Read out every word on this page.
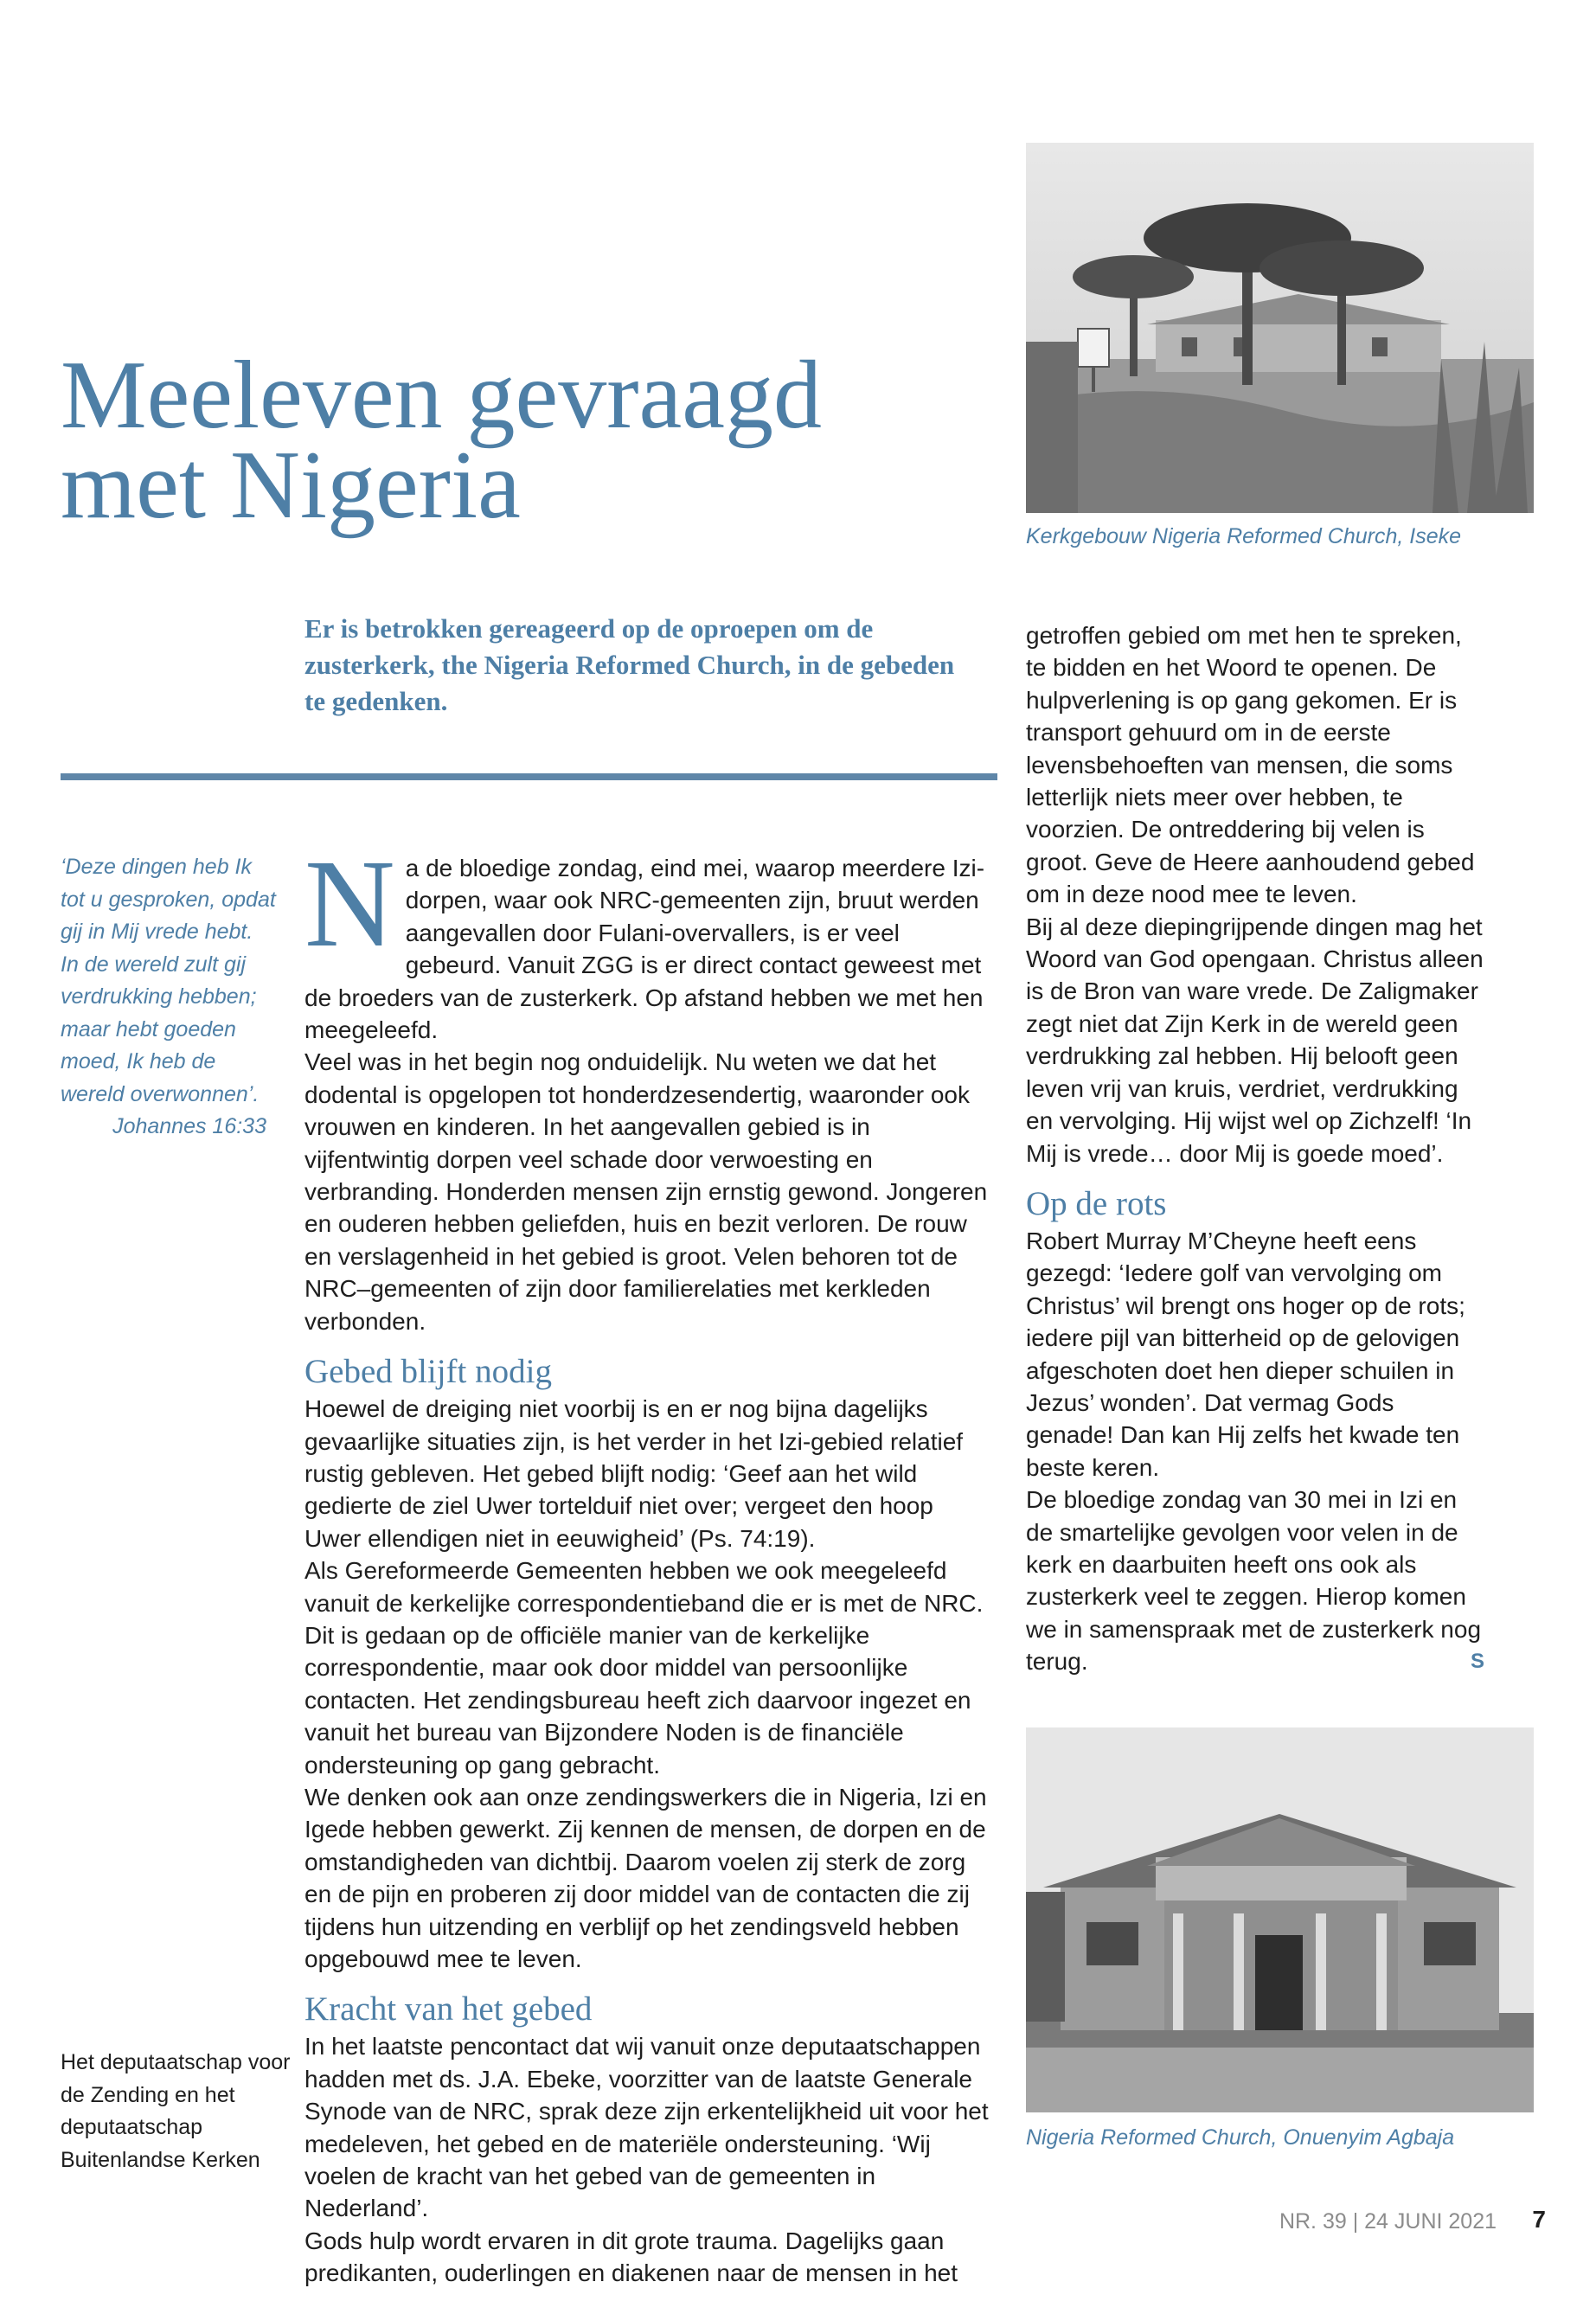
Meeleven gevraagd
met Nigeria	Kerkgebouw Nigeria Reformed Church, Iseke

Er is betrokken gereageerd op de oproepen om de zusterkerk, the Nigeria Reformed Church, in de gebeden te gedenken.

‘Deze dingen heb Ik tot u gesproken, opdat gij in Mij vrede hebt. In de wereld zult gij verdrukking hebben; maar hebt goeden moed, Ik heb de wereld overwonnen’.
Johannes 16:33
Het deputaatschap voor de Zending en het deputaatschap Buitenlandse Kerken

Na de bloedige zondag, eind mei, waarop meerdere Izi-dorpen, waar ook NRC-gemeenten zijn, bruut werden aangevallen door Fulani-overvallers, is er veel gebeurd. Vanuit ZGG is er direct contact geweest met de broeders van de zusterkerk. Op afstand hebben we met hen meegeleefd.

Veel was in het begin nog onduidelijk. Nu weten we dat het dodental is opgelopen tot honderdzesendertig, waaronder ook vrouwen en kinderen. In het aangevallen gebied is in vijfentwintig dorpen veel schade door verwoesting en verbranding. Honderden mensen zijn ernstig gewond. Jongeren en ouderen hebben geliefden, huis en bezit verloren. De rouw en verslagenheid in het gebied is groot. Velen behoren tot de NRC–gemeenten of zijn door familierelaties met kerkleden verbonden.

Gebed blijft nodig

Hoewel de dreiging niet voorbij is en er nog bijna dagelijks gevaarlijke situaties zijn, is het verder in het Izi-gebied relatief rustig gebleven. Het gebed blijft nodig: ‘Geef aan het wild gedierte de ziel Uwer tortelduif niet over; vergeet den hoop Uwer ellendigen niet in eeuwigheid’ (Ps. 74:19).

Als Gereformeerde Gemeenten hebben we ook meegeleefd vanuit de kerkelijke correspondentieband die er is met de NRC. Dit is gedaan op de officiële manier van de kerkelijke correspondentie, maar ook door middel van persoonlijke contacten. Het zendingsbureau heeft zich daarvoor ingezet en vanuit het bureau van Bijzondere Noden is de financiële ondersteuning op gang gebracht.

We denken ook aan onze zendingswerkers die in Nigeria, Izi en Igede hebben gewerkt. Zij kennen de mensen, de dorpen en de omstandigheden van dichtbij. Daarom voelen zij sterk de zorg en de pijn en proberen zij door middel van de contacten die zij tijdens hun uitzending en verblijf op het zendingsveld hebben opgebouwd mee te leven.

Kracht van het gebed

In het laatste pencontact dat wij vanuit onze deputaatschappen hadden met ds. J.A. Ebeke, voorzitter van de laatste Generale Synode van de NRC, sprak deze zijn erkentelijkheid uit voor het medeleven, het gebed en de materiële ondersteuning. ‘Wij voelen de kracht van het gebed van de gemeenten in Nederland’.

Gods hulp wordt ervaren in dit grote trauma. Dagelijks gaan predikanten, ouderlingen en diakenen naar de mensen in het

getroffen gebied om met hen te spreken, te bidden en het Woord te openen. De hulpverlening is op gang gekomen. Er is transport gehuurd om in de eerste levensbehoeften van mensen, die soms letterlijk niets meer over hebben, te voorzien. De ontreddering bij velen is groot. Geve de Heere aanhoudend gebed om in deze nood mee te leven.

Bij al deze diepingrijpende dingen mag het Woord van God opengaan. Christus alleen is de Bron van ware vrede. De Zaligmaker zegt niet dat Zijn Kerk in de wereld geen verdrukking zal hebben. Hij belooft geen leven vrij van kruis, verdriet, verdrukking en vervolging. Hij wijst wel op Zichzelf! ‘In Mij is vrede… door Mij is goede moed’.

Op de rots

Robert Murray M’Cheyne heeft eens gezegd: ‘Iedere golf van vervolging om Christus’ wil brengt ons hoger op de rots; iedere pijl van bitterheid op de gelovigen afgeschoten doet hen dieper schuilen in Jezus’ wonden’. Dat vermag Gods genade! Dan kan Hij zelfs het kwade ten beste keren.

De bloedige zondag van 30 mei in Izi en de smartelijke gevolgen voor velen in de kerk en daarbuiten heeft ons ook als zusterkerk veel te zeggen. Hierop komen we in samenspraak met de zusterkerk nog terug.	S

Nigeria Reformed Church, Onuenyim Agbaja
NR. 39 | 24 JUNI 2021 7
